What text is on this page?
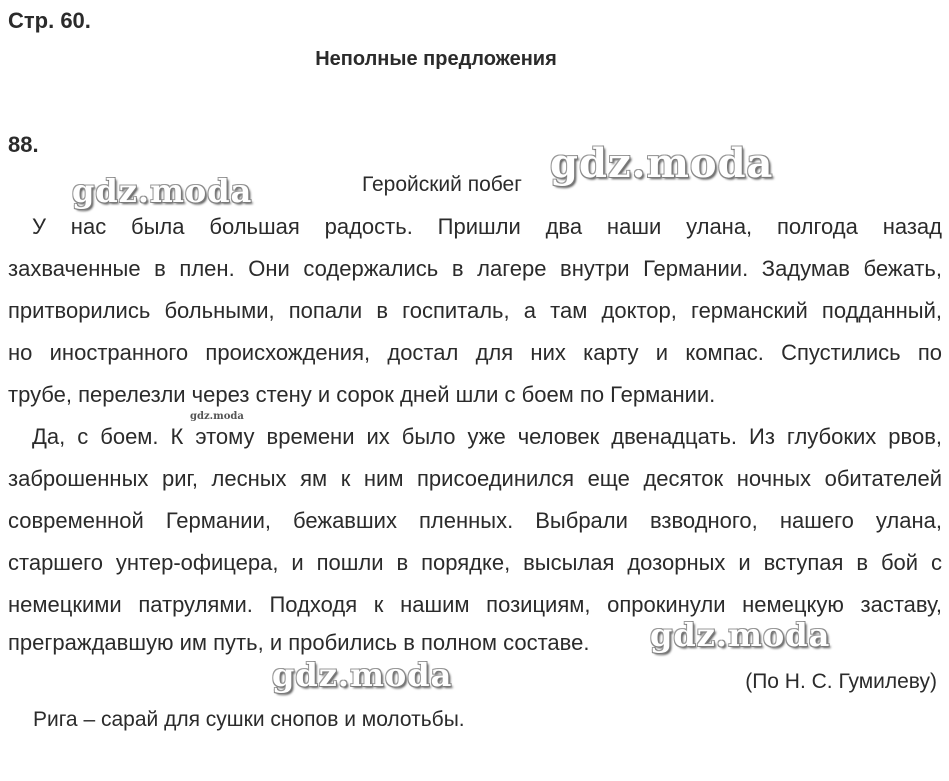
Стр. 60.
Неполные предложения
88.
Геройский побег
У нас была большая радость. Пришли два наши улана, полгода назад
захваченные в плен. Они содержались в лагере внутри Германии. Задумав бежать,
притворились больными, попали в госпиталь, а там доктор, германский подданный,
но иностранного происхождения, достал для них карту и компас. Спустились по
трубе, перелезли через стену и сорок дней шли с боем по Германии.
Да, с боем. К этому времени их было уже человек двенадцать. Из глубоких рвов,
заброшенных риг, лесных ям к ним присоединился еще десяток ночных обитателей
современной Германии, бежавших пленных. Выбрали взводного, нашего улана,
старшего унтер-офицера, и пошли в порядке, высылая дозорных и вступая в бой с
немецкими патрулями. Подходя к нашим позициям, опрокинули немецкую заставу,
преграждавшую им путь, и пробились в полном составе.
(По Н. С. Гумилеву)
Рига – сарай для сушки снопов и молотьбы.
gdz.moda
gdz.moda
gdz.moda
gdz.moda
gdz.moda
